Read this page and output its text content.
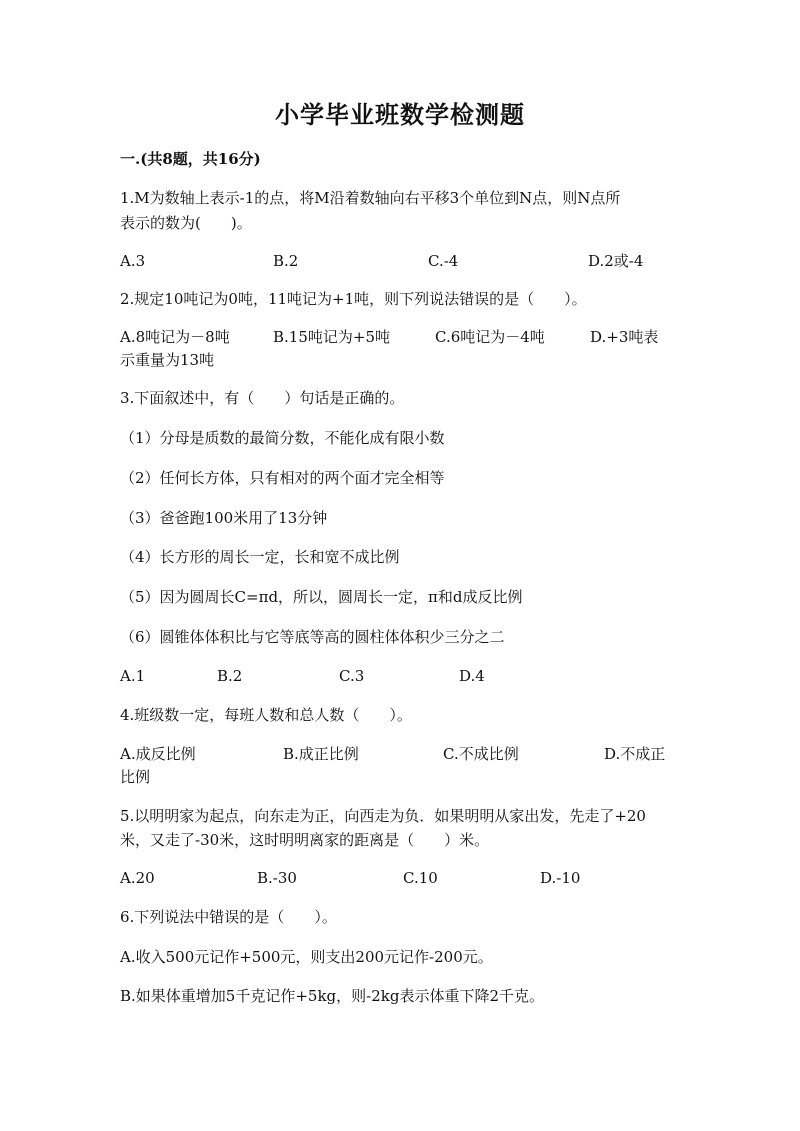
小学毕业班数学检测题
一.(共8题，共16分)
1.M为数轴上表示-1的点，将M沿着数轴向右平移3个单位到N点，则N点所
表示的数为(　　)。
A.3	B.2	C.-4	D.2或-4
2.规定10吨记为0吨，11吨记为+1吨，则下列说法错误的是（　　）。
A.8吨记为－8吨	B.15吨记为+5吨	C.6吨记为－4吨	D.+3吨表
示重量为13吨
3.下面叙述中，有（　　）句话是正确的。
（1）分母是质数的最简分数，不能化成有限小数
（2）任何长方体，只有相对的两个面才完全相等
（3）爸爸跑100米用了13分钟
（4）长方形的周长一定，长和宽不成比例
（5）因为圆周长C=πd，所以，圆周长一定，π和d成反比例
（6）圆锥体体积比与它等底等高的圆柱体体积少三分之二
A.1	B.2	C.3	D.4
4.班级数一定，每班人数和总人数（　　）。
A.成反比例	B.成正比例	C.不成比例	D.不成正
比例
5.以明明家为起点，向东走为正，向西走为负．如果明明从家出发，先走了+20
米，又走了-30米，这时明明离家的距离是（　　）米。
A.20	B.-30	C.10	D.-10
6.下列说法中错误的是（　　）。
A.收入500元记作+500元，则支出200元记作-200元。
B.如果体重增加5千克记作+5kg，则-2kg表示体重下降2千克。
